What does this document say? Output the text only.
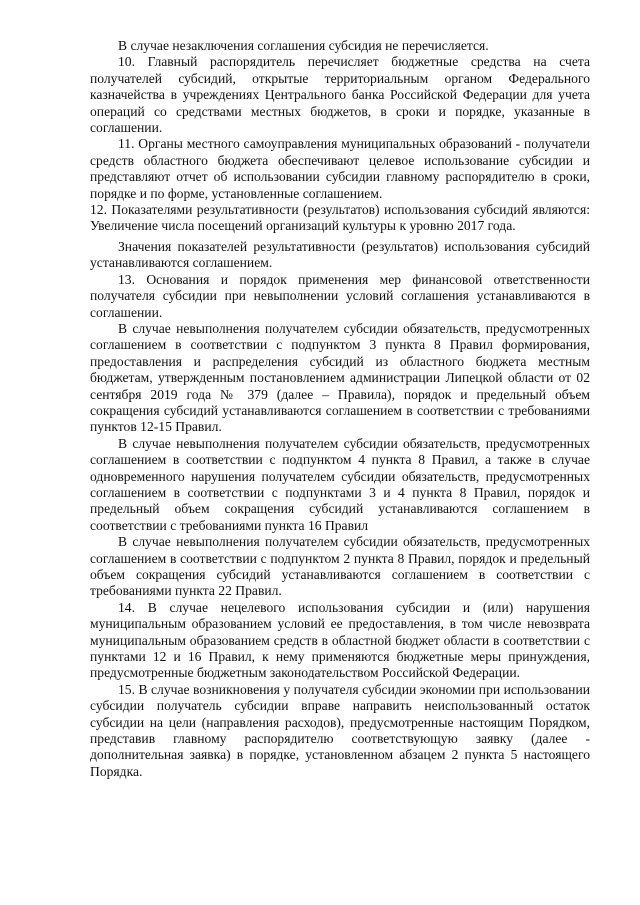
В случае незаключения соглашения субсидия не перечисляется.

10. Главный распорядитель перечисляет бюджетные средства на счета получателей субсидий, открытые территориальным органом Федерального казначейства в учреждениях Центрального банка Российской Федерации для учета операций со средствами местных бюджетов, в сроки и порядке, указанные в соглашении.

11. Органы местного самоуправления муниципальных образований - получатели средств областного бюджета обеспечивают целевое использование субсидии и представляют отчет об использовании субсидии главному распорядителю в сроки, порядке и по форме, установленные соглашением.

12. Показателями результативности (результатов) использования субсидий являются: Увеличение числа посещений организаций культуры к уровню 2017 года.

Значения показателей результативности (результатов) использования субсидий устанавливаются соглашением.

13. Основания и порядок применения мер финансовой ответственности получателя субсидии при невыполнении условий соглашения устанавливаются в соглашении.

В случае невыполнения получателем субсидии обязательств, предусмотренных соглашением в соответствии с подпунктом 3 пункта 8 Правил формирования, предоставления и распределения субсидий из областного бюджета местным бюджетам, утвержденным постановлением администрации Липецкой области от 02 сентября 2019 года № 379 (далее – Правила), порядок и предельный объем сокращения субсидий устанавливаются соглашением в соответствии с требованиями пунктов 12-15 Правил.

В случае невыполнения получателем субсидии обязательств, предусмотренных соглашением в соответствии с подпунктом 4 пункта 8 Правил, а также в случае одновременного нарушения получателем субсидии обязательств, предусмотренных соглашением в соответствии с подпунктами 3 и 4 пункта 8 Правил, порядок и предельный объем сокращения субсидий устанавливаются соглашением в соответствии с требованиями пункта 16 Правил

В случае невыполнения получателем субсидии обязательств, предусмотренных соглашением в соответствии с подпунктом 2 пункта 8 Правил, порядок и предельный объем сокращения субсидий устанавливаются соглашением в соответствии с требованиями пункта 22 Правил.

14. В случае нецелевого использования субсидии и (или) нарушения муниципальным образованием условий ее предоставления, в том числе невозврата муниципальным образованием средств в областной бюджет области в соответствии с пунктами 12 и 16 Правил, к нему применяются бюджетные меры принуждения, предусмотренные бюджетным законодательством Российской Федерации.

15. В случае возникновения у получателя субсидии экономии при использовании субсидии получатель субсидии вправе направить неиспользованный остаток субсидии на цели (направления расходов), предусмотренные настоящим Порядком, представив главному распорядителю соответствующую заявку (далее - дополнительная заявка) в порядке, установленном абзацем 2 пункта 5 настоящего Порядка.
